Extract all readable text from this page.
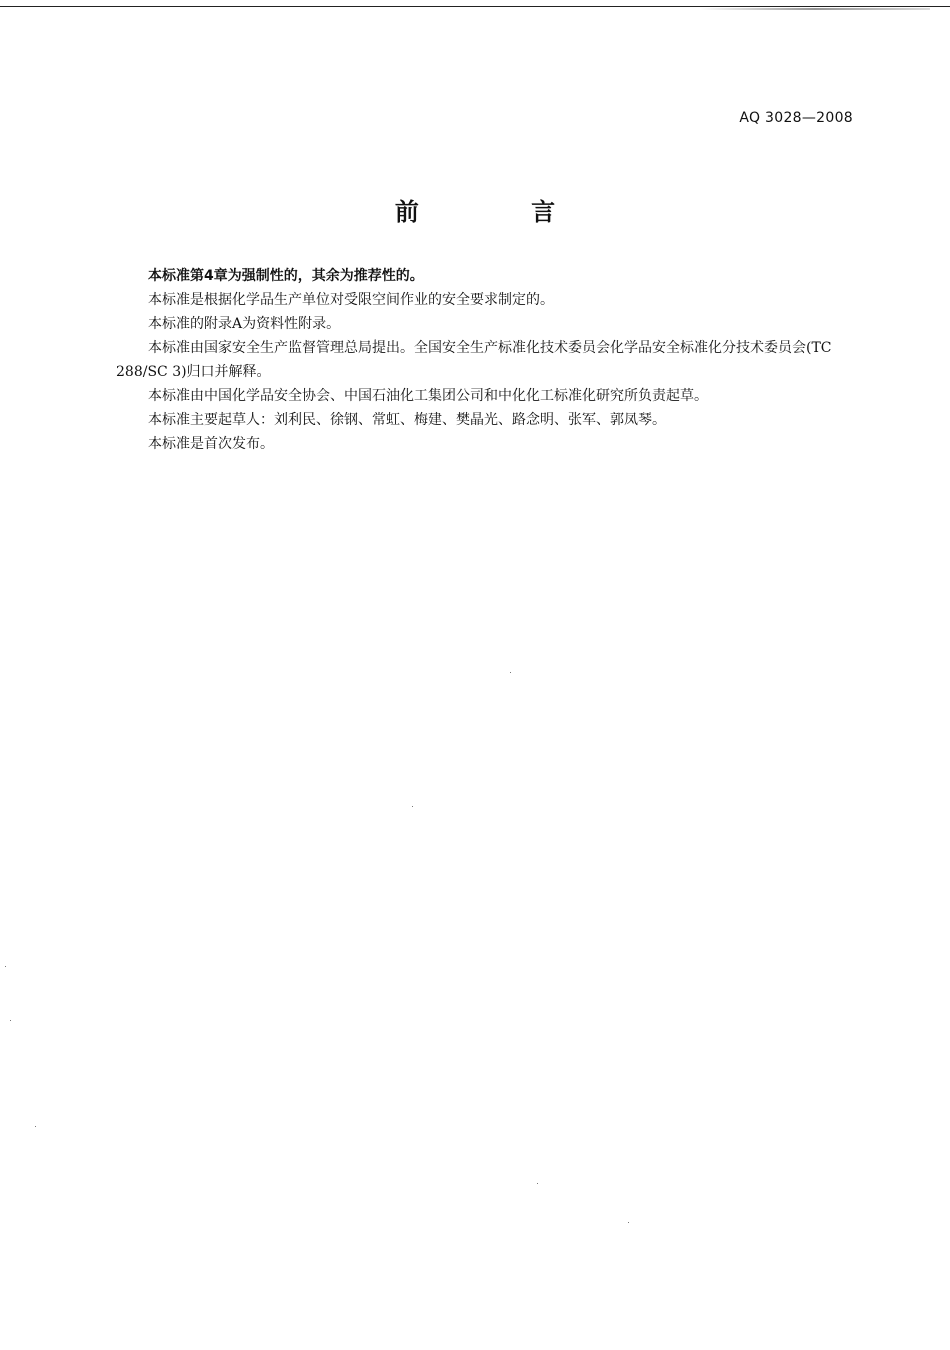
AQ 3028—2008
前 言

本标准第4章为强制性的，其余为推荐性的。

本标准是根据化学品生产单位对受限空间作业的安全要求制定的。

本标准的附录A为资料性附录。

本标准由国家安全生产监督管理总局提出。全国安全生产标准化技术委员会化学品安全标准化分技术委员会(TC 288/SC 3)归口并解释。

本标准由中国化学品安全协会、中国石油化工集团公司和中化化工标准化研究所负责起草。

本标准主要起草人：刘利民、徐钢、常虹、梅建、樊晶光、路念明、张军、郭凤琴。

本标准是首次发布。
